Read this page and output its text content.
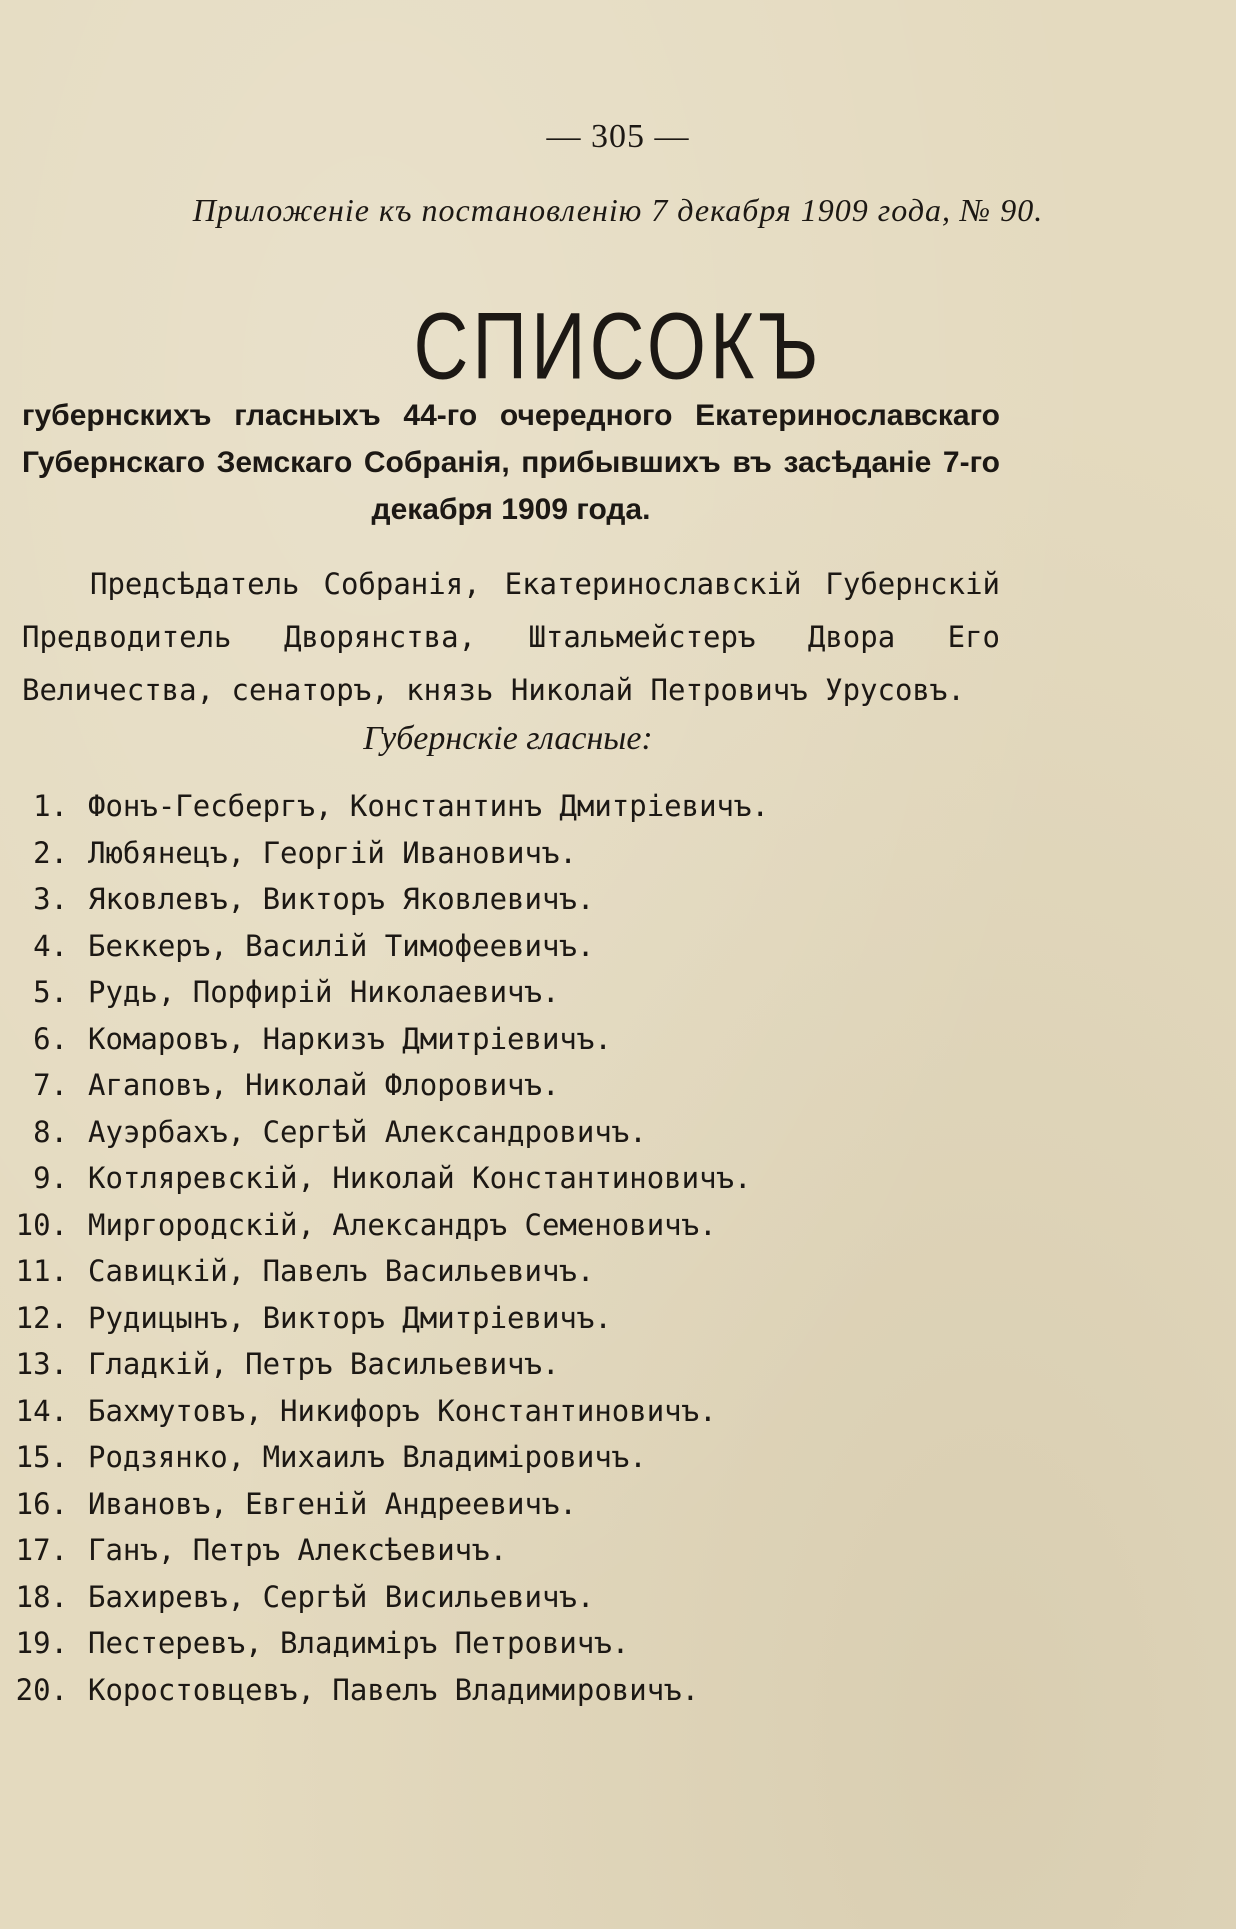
— 305 —
Приложеніе къ постановленію 7 декабря 1909 года, № 90.
СПИСОКЪ
губернскихъ гласныхъ 44-го очередного Екатеринославскаго Губернскаго Земскаго Собранія, прибывшихъ въ засѣданіе 7-го декабря 1909 года.
Предсѣдатель Собранія, Екатеринославскій Губернскій Предводитель Дворянства, Штальмейстеръ Двора Его Величества, сенаторъ, князь Николай Петровичъ Урусовъ.
Губернскіе гласные:
1. Фонъ-Гесбергъ, Константинъ Дмитріевичъ.
2. Любянецъ, Георгій Ивановичъ.
3. Яковлевъ, Викторъ Яковлевичъ.
4. Беккеръ, Василій Тимофеевичъ.
5. Рудь, Порфирій Николаевичъ.
6. Комаровъ, Наркизъ Дмитріевичъ.
7. Агаповъ, Николай Флоровичъ.
8. Ауэрбахъ, Сергѣй Александровичъ.
9. Котляревскій, Николай Константиновичъ.
10. Миргородскій, Александръ Семеновичъ.
11. Савицкій, Павелъ Васильевичъ.
12. Рудицынъ, Викторъ Дмитріевичъ.
13. Гладкій, Петръ Васильевичъ.
14. Бахмутовъ, Никифоръ Константиновичъ.
15. Родзянко, Михаилъ Владиміровичъ.
16. Ивановъ, Евгеній Андреевичъ.
17. Ганъ, Петръ Алексѣевичъ.
18. Бахиревъ, Сергѣй Висильевичъ.
19. Пестеревъ, Владиміръ Петровичъ.
20. Коростовцевъ, Павелъ Владимировичъ.
